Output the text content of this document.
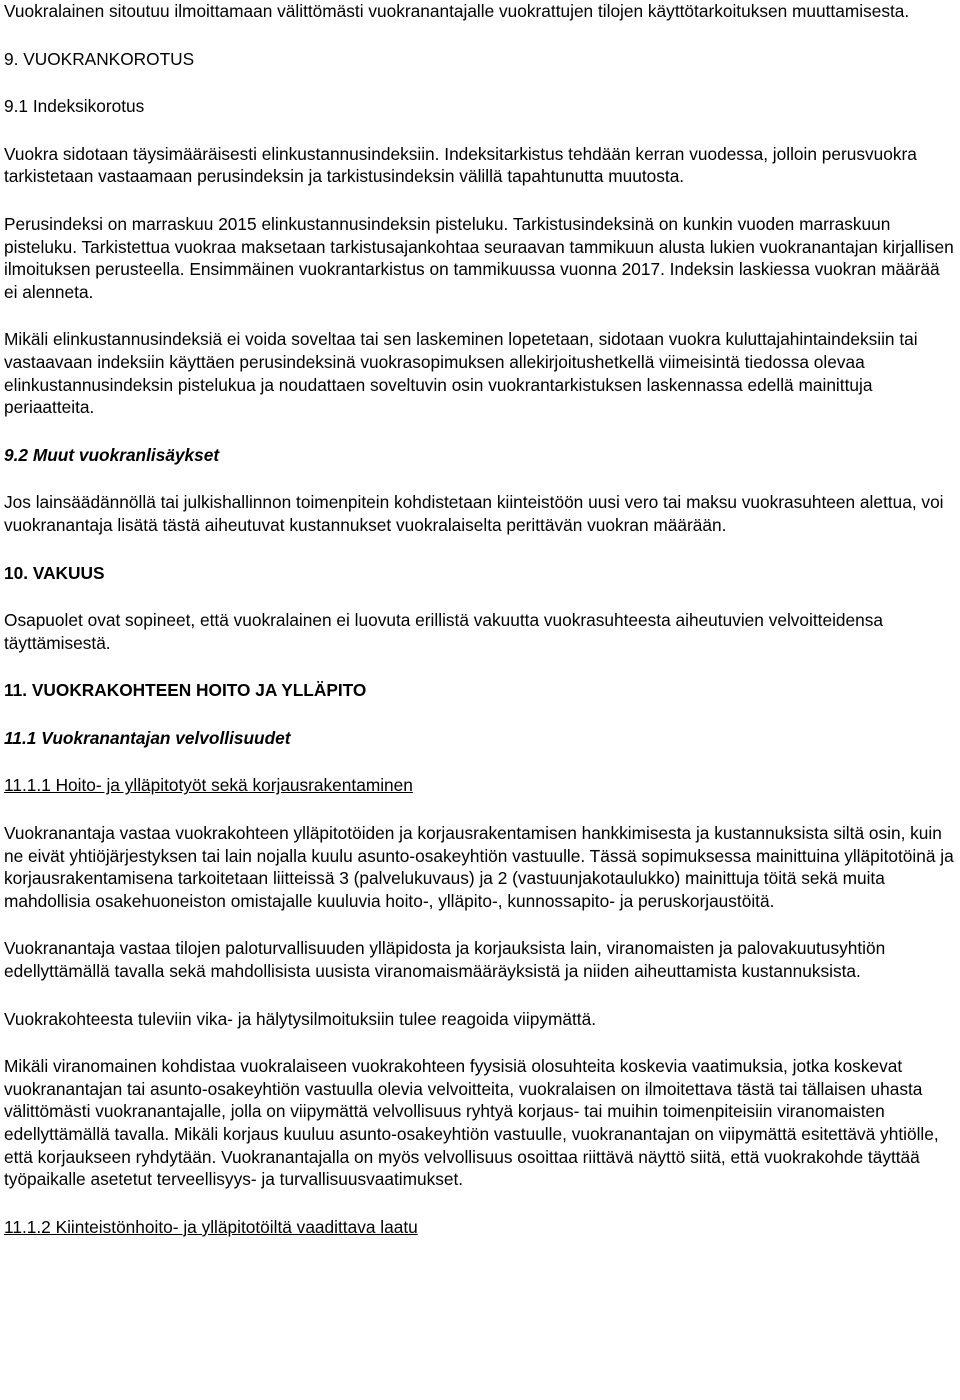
Vuokralainen sitoutuu ilmoittamaan välittömästi vuokranantajalle vuokrattujen tilojen käyttötarkoituksen muuttamisesta.

9. VUOKRANKOROTUS

9.1 Indeksikorotus

Vuokra sidotaan täysimääräisesti elinkustannusindeksiin. Indeksitarkistus tehdään kerran vuodessa, jolloin perusvuokra tarkistetaan vastaamaan perusindeksin ja tarkistusindeksin välillä tapahtunutta muutosta.

Perusindeksi on marraskuu 2015 elinkustannusindeksin pisteluku. Tarkistusindeksinä on kunkin vuoden marraskuun pisteluku. Tarkistettua vuokraa maksetaan tarkistusajankohtaa seuraavan tammikuun alusta lukien vuokranantajan kirjallisen ilmoituksen perusteella. Ensimmäinen vuokrantarkistus on tammikuussa vuonna 2017. Indeksin laskiessa vuokran määrää ei alenneta.

Mikäli elinkustannusindeksiä ei voida soveltaa tai sen laskeminen lopetetaan, sidotaan vuokra kuluttajahintaindeksiin tai vastaavaan indeksiin käyttäen perusindeksinä vuokrasopimuksen allekirjoitushetkellä viimeisintä tiedossa olevaa elinkustannusindeksin pistelukua ja noudattaen soveltuvin osin vuokrantarkistuksen laskennassa edellä mainittuja periaatteita.

9.2 Muut vuokranlisäykset

Jos lainsäädännöllä tai julkishallinnon toimenpitein kohdistetaan kiinteistöön uusi vero tai maksu vuokrasuhteen alettua, voi vuokranantaja lisätä tästä aiheutuvat kustannukset vuokralaiselta perittävän vuokran määrään.

10. VAKUUS

Osapuolet ovat sopineet, että vuokralainen ei luovuta erillistä vakuutta vuokrasuhteesta aiheutuvien velvoitteidensa täyttämisestä.

11. VUOKRAKOHTEEN HOITO JA YLLÄPITO

11.1 Vuokranantajan velvollisuudet

11.1.1 Hoito- ja ylläpitotyöt sekä korjausrakentaminen

Vuokranantaja vastaa vuokrakohteen ylläpitotöiden ja korjausrakentamisen hankkimisesta ja kustannuksista siltä osin, kuin ne eivät yhtiöjärjestyksen tai lain nojalla kuulu asunto-osakeyhtiön vastuulle. Tässä sopimuksessa mainittuina ylläpitotöinä ja korjausrakentamisena tarkoitetaan liitteissä 3 (palvelukuvaus) ja 2 (vastuunjakotaulukko) mainittuja töitä sekä muita mahdollisia osakehuoneiston omistajalle kuuluvia hoito-, ylläpito-, kunnossapito- ja peruskorjaustöitä.

Vuokranantaja vastaa tilojen paloturvallisuuden ylläpidosta ja korjauksista lain, viranomaisten ja palovakuutusyhtiön edellyttämällä tavalla sekä mahdollisista uusista viranomaismääräyksistä ja niiden aiheuttamista kustannuksista.

Vuokrakohteesta tuleviin vika- ja hälytysilmoituksiin tulee reagoida viipymättä.

Mikäli viranomainen kohdistaa vuokralaiseen vuokrakohteen fyysisiä olosuhteita koskevia vaatimuksia, jotka koskevat vuokranantajan tai asunto-osakeyhtiön vastuulla olevia velvoitteita, vuokralaisen on ilmoitettava tästä tai tällaisen uhasta välittömästi vuokranantajalle, jolla on viipymättä velvollisuus ryhtyä korjaus- tai muihin toimenpiteisiin viranomaisten edellyttämällä tavalla. Mikäli korjaus kuuluu asunto-osakeyhtiön vastuulle, vuokranantajan on viipymättä esitettävä yhtiölle, että korjaukseen ryhdytään. Vuokranantajalla on myös velvollisuus osoittaa riittävä näyttö siitä, että vuokrakohde täyttää työpaikalle asetetut terveellisyys- ja turvallisuusvaatimukset.

11.1.2 Kiinteistönhoito- ja ylläpitotöiltä vaadittava laatu
